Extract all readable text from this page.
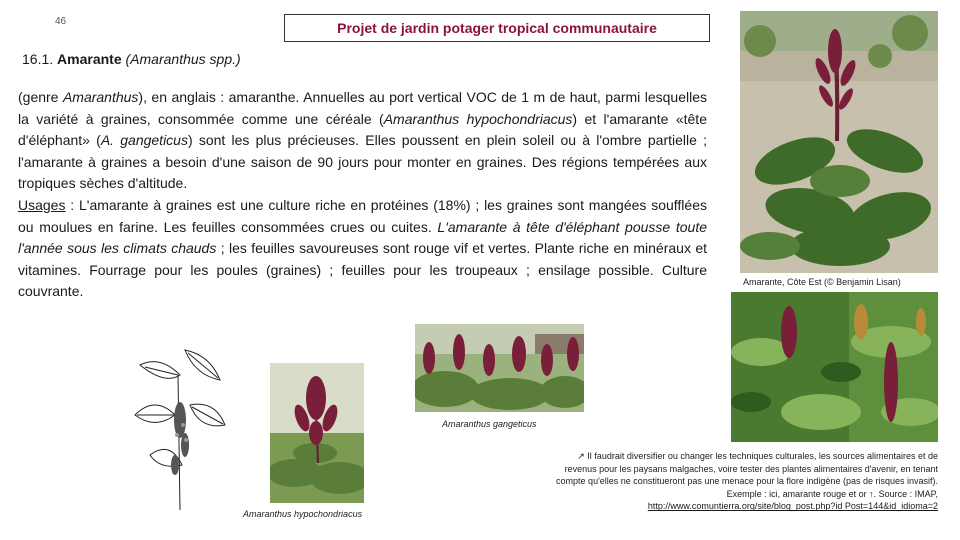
46	Projet de jardin potager tropical communautaire
16.1. Amarante (Amaranthus spp.)
(genre Amaranthus), en anglais : amaranthe. Annuelles au port vertical VOC de 1 m de haut, parmi lesquelles la variété à graines, consommée comme une céréale (Amaranthus hypochondriacus) et l'amarante «tête d'éléphant» (A. gangeticus) sont les plus précieuses. Elles poussent en plein soleil ou à l'ombre partielle ; l'amarante à graines a besoin d'une saison de 90 jours pour monter en graines. Des régions tempérées aux tropiques sèches d'altitude.
Usages : L'amarante à graines est une culture riche en protéines (18%) ; les graines sont mangées soufflées ou moulues en farine. Les feuilles consommées crues ou cuites. L'amarante à tête d'éléphant pousse toute l'année sous les climats chauds ; les feuilles savoureuses sont rouge vif et vertes. Plante riche en minéraux et vitamines. Fourrage pour les poules (graines) ; feuilles pour les troupeaux ; ensilage possible. Culture couvrante.
Amarante, Côte Est (© Benjamin Lisan)
Amaranthus gangeticus
Amaranthus hypochondriacus
↗ Il faudrait diversifier ou changer les techniques culturales, les sources alimentaires et de
revenus pour les paysans malgaches, voire tester des plantes alimentaires d'avenir, en tenant
compte qu'elles ne constitueront pas une menace pour la flore indigène (pas de risques invasif).
Exemple : ici, amarante rouge et or ↑. Source : IMAP,
http://www.comuntierra.org/site/blog_post.php?id Post=144&id_idioma=2
